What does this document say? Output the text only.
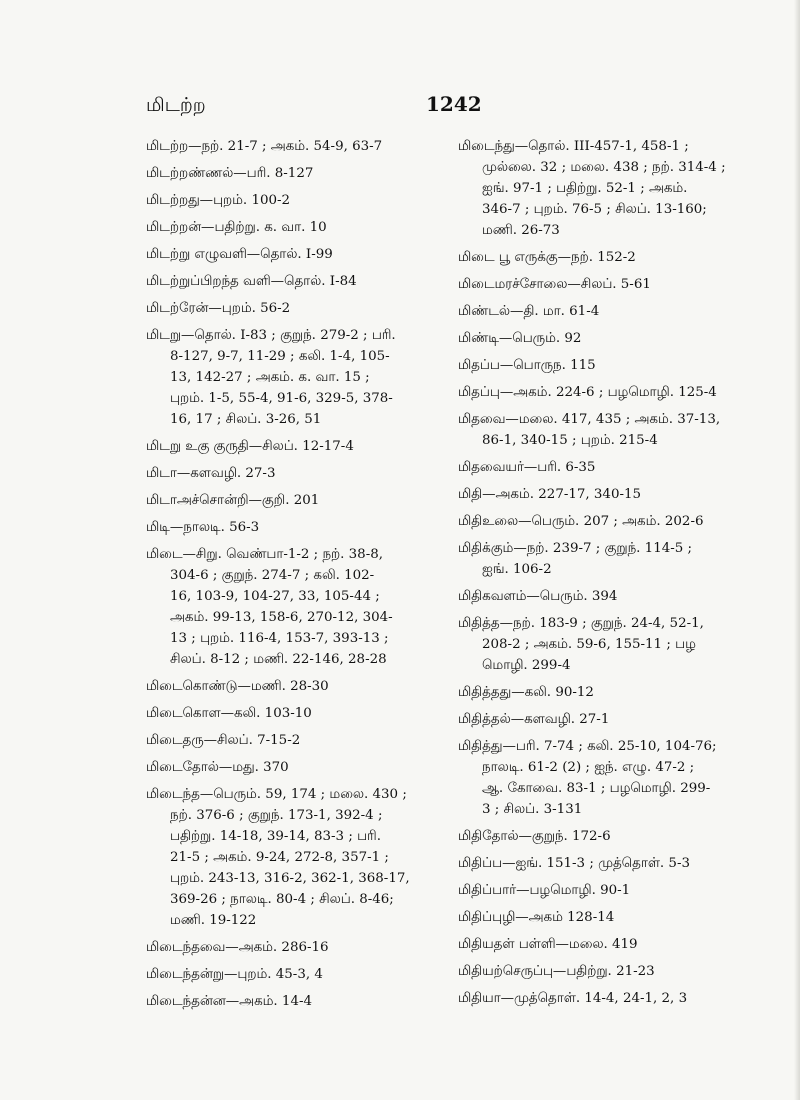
மிடற்ற	1242
மிடற்ற—நற். 21-7 ; அகம். 54-9, 63-7
மிடற்றண்ணல்—பரி. 8-127
மிடற்றது—புறம். 100-2
மிடற்றன்—பதிற்று. க. வா. 10
மிடற்று எழுவளி—தொல். I-99
மிடற்றுப்பிறந்த வளி—தொல். I-84
மிடற்ரேன்—புறம். 56-2
மிடறு—தொல். I-83 ; குறுந். 279-2 ; பரி.
8-127, 9-7, 11-29 ; கலி. 1-4, 105-
13, 142-27 ; அகம். க. வா. 15 ;
புறம். 1-5, 55-4, 91-6, 329-5, 378-
16, 17 ; சிலப். 3-26, 51
மிடறு உகு குருதி—சிலப். 12-17-4
மிடா—களவழி. 27-3
மிடாஅச்சொன்றி—குறி. 201
மிடி—நாலடி. 56-3
மிடை—சிறு. வெண்பா-1-2 ; நற். 38-8,
304-6 ; குறுந். 274-7 ; கலி. 102-
16, 103-9, 104-27, 33, 105-44 ;
அகம். 99-13, 158-6, 270-12, 304-
13 ; புறம். 116-4, 153-7, 393-13 ;
சிலப். 8-12 ; மணி. 22-146, 28-28
மிடைகொண்டு—மணி. 28-30
மிடைகொள—கலி. 103-10
மிடைதரு—சிலப். 7-15-2
மிடைதோல்—மது. 370
மிடைந்த—பெரும். 59, 174 ; மலை. 430 ;
நற். 376-6 ; குறுந். 173-1, 392-4 ;
பதிற்று. 14-18, 39-14, 83-3 ; பரி.
21-5 ; அகம். 9-24, 272-8, 357-1 ;
புறம். 243-13, 316-2, 362-1, 368-17,
369-26 ; நாலடி. 80-4 ; சிலப். 8-46;
மணி. 19-122
மிடைந்தவை—அகம். 286-16
மிடைந்தன்று—புறம். 45-3, 4
மிடைந்தன்ன—அகம். 14-4
மிடைந்து—தொல். III-457-1, 458-1 ;
முல்லை. 32 ; மலை. 438 ; நற். 314-4 ;
ஐங். 97-1 ; பதிற்று. 52-1 ; அகம்.
346-7 ; புறம். 76-5 ; சிலப். 13-160;
மணி. 26-73
மிடை பூ எருக்கு—நற். 152-2
மிடைமரச்சோலை—சிலப். 5-61
மிண்டல்—தி. மா. 61-4
மிண்டி—பெரும். 92
மிதப்ப—பொருந. 115
மிதப்பு—அகம். 224-6 ; பழமொழி. 125-4
மிதவை—மலை. 417, 435 ; அகம். 37-13,
86-1, 340-15 ; புறம். 215-4
மிதவையர்—பரி. 6-35
மிதி—அகம். 227-17, 340-15
மிதிஉலை—பெரும். 207 ; அகம். 202-6
மிதிக்கும்—நற். 239-7 ; குறுந். 114-5 ;
ஐங். 106-2
மிதிகவளம்—பெரும். 394
மிதித்த—நற். 183-9 ; குறுந். 24-4, 52-1,
208-2 ; அகம். 59-6, 155-11 ; பழ
மொழி. 299-4
மிதித்தது—கலி. 90-12
மிதித்தல்—களவழி. 27-1
மிதித்து—பரி. 7-74 ; கலி. 25-10, 104-76;
நாலடி. 61-2 (2) ; ஐந். எழு. 47-2 ;
ஆ. கோவை. 83-1 ; பழமொழி. 299-
3 ; சிலப். 3-131
மிதிதோல்—குறுந். 172-6
மிதிப்ப—ஐங். 151-3 ; முத்தொள். 5-3
மிதிப்பார்—பழமொழி. 90-1
மிதிப்புழி—அகம் 128-14
மிதியதள் பள்ளி—மலை. 419
மிதியற்செருப்பு—பதிற்று. 21-23
மிதியா—முத்தொள். 14-4, 24-1, 2, 3
